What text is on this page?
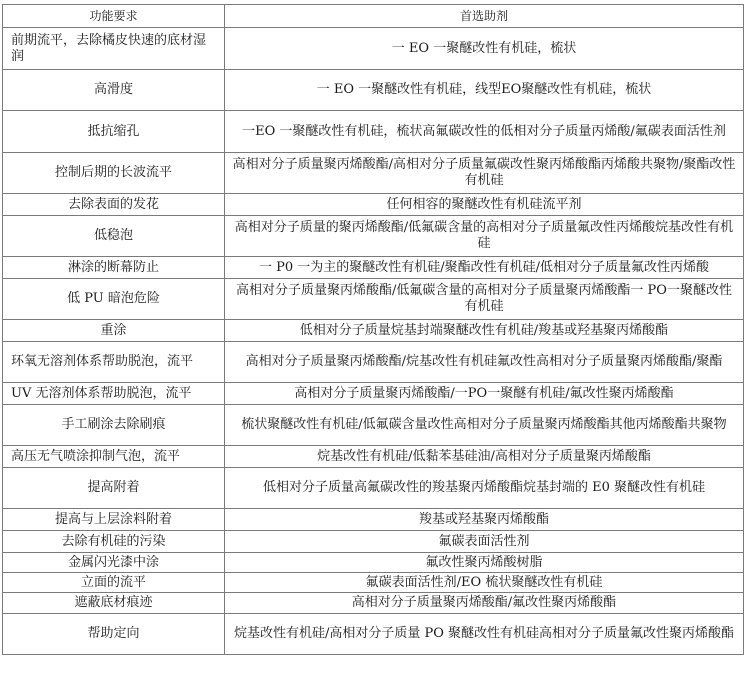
功能要求	首选助剂
前期流平，去除橘皮快速的底材湿润	一 EO 一聚醚改性有机硅，梳状
高滑度	一 EO 一聚醚改性有机硅，线型EO聚醚改性有机硅，梳状
抵抗缩孔	一EO 一聚醚改性有机硅，梳状高氟碳改性的低相对分子质量丙烯酸/氟碳表面活性剂
控制后期的长波流平	高相对分子质量聚丙烯酸酯/高相对分子质量氟碳改性聚丙烯酸酯丙烯酸共聚物/聚酯改性有机硅
去除表面的发花	任何相容的聚醚改性有机硅流平剂
低稳泡	高相对分子质量的聚丙烯酸酯/低氟碳含量的高相对分子质量氟改性丙烯酸烷基改性有机硅
淋涂的断幕防止	一 P0 一为主的聚醚改性有机硅/聚酯改性有机硅/低相对分子质量氟改性丙烯酸
低 PU 暗泡危险	高相对分子质量聚丙烯酸酯/低氟碳含量的高相对分子质量聚丙烯酸酯一 PO一聚醚改性有机硅
重涂	低相对分子质量烷基封端聚醚改性有机硅/羧基或羟基聚丙烯酸酯
环氧无溶剂体系帮助脱泡，流平	高相对分子质量聚丙烯酸酯/烷基改性有机硅氟改性高相对分子质量聚丙烯酸酯/聚酯
UV 无溶剂体系帮助脱泡，流平	高相对分子质量聚丙烯酸酯/一PO一聚醚有机硅/氟改性聚丙烯酸酯
手工刷涂去除刷痕	梳状聚醚改性有机硅/低氟碳含量改性高相对分子质量聚丙烯酸酯其他丙烯酸酯共聚物
高压无气喷涂抑制气泡，流平	烷基改性有机硅/低黏苯基硅油/高相对分子质量聚丙烯酸酯
提高附着	低相对分子质量高氟碳改性的羧基聚丙烯酸酯烷基封端的 E0 聚醚改性有机硅
提高与上层涂料附着	羧基或羟基聚丙烯酸酯
去除有机硅的污染	氟碳表面活性剂
金属闪光漆中涂	氟改性聚丙烯酸树脂
立面的流平	氟碳表面活性剂/EO 梳状聚醚改性有机硅
遮蔽底材痕迹	高相对分子质量聚丙烯酸酯/氟改性聚丙烯酸酯
帮助定向	烷基改性有机硅/高相对分子质量 PO 聚醚改性有机硅高相对分子质量氟改性聚丙烯酸酯
